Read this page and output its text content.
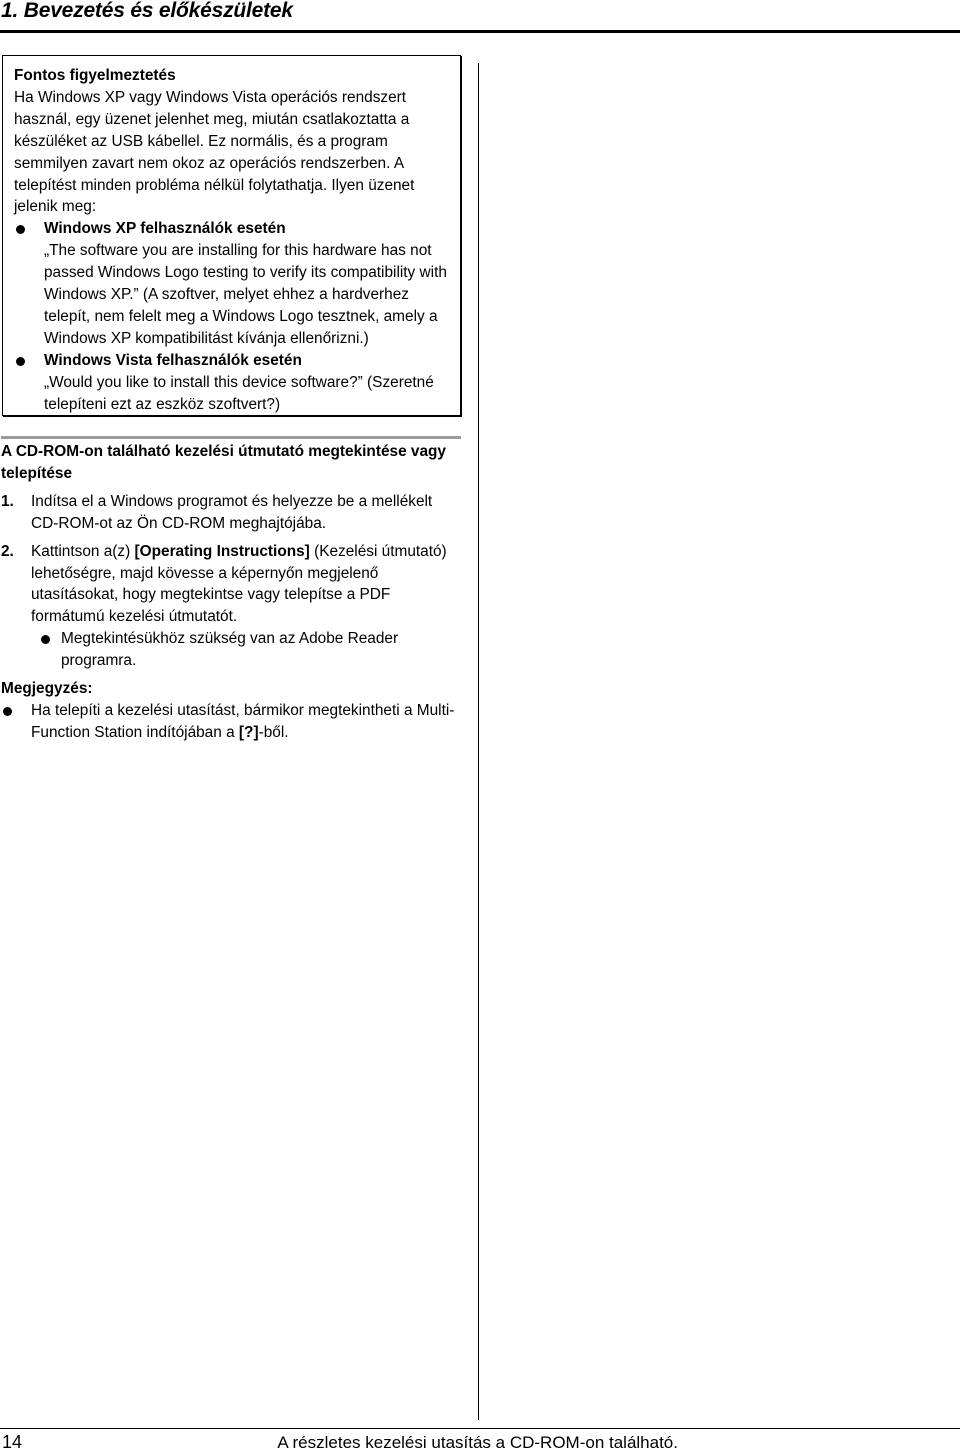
1. Bevezetés és előkészületek

Fontos figyelmeztetés

Ha Windows XP vagy Windows Vista operációs rendszert használ, egy üzenet jelenhet meg, miután csatlakoztatta a készüléket az USB kábellel. Ez normális, és a program semmilyen zavart nem okoz az operációs rendszerben. A telepítést minden probléma nélkül folytathatja. Ilyen üzenet jelenik meg:

Windows XP felhasználók esetén
„The software you are installing for this hardware has not passed Windows Logo testing to verify its compatibility with Windows XP.” (A szoftver, melyet ehhez a hardverhez telepít, nem felelt meg a Windows Logo tesztnek, amely a Windows XP kompatibilitást kívánja ellenőrizni.)
Windows Vista felhasználók esetén
„Would you like to install this device software?” (Szeretné telepíteni ezt az eszköz szoftvert?)

A CD-ROM-on található kezelési útmutató megtekintése vagy telepítése

1. Indítsa el a Windows programot és helyezze be a mellékelt CD-ROM-ot az Ön CD-ROM meghajtójába.
2. Kattintson a(z) [Operating Instructions] (Kezelési útmutató) lehetőségre, majd kövesse a képernyőn megjelenő utasításokat, hogy megtekintse vagy telepítse a PDF formátumú kezelési útmutatót.
Megtekintésükhöz szükség van az Adobe Reader programra.

Megjegyzés:

Ha telepíti a kezelési utasítást, bármikor megtekintheti a Multi-Function Station indítójában a [?]-ből.
14	A részletes kezelési utasítás a CD-ROM-on található.
